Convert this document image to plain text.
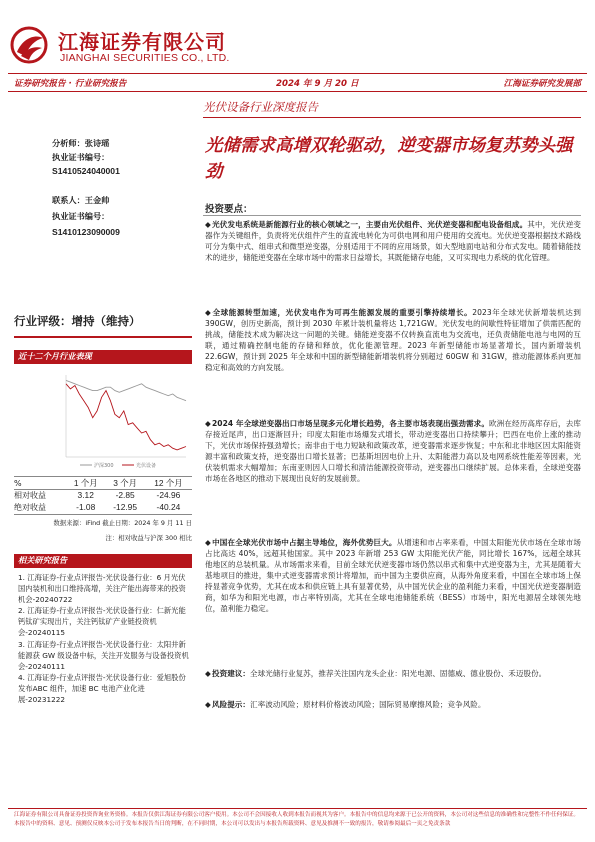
江海证券有限公司
JIANGHAI SECURITIES CO., LTD.
证券研究报告 · 行业研究报告	2024 年 9 月 20 日	江海证券研究发展部
光伏设备行业深度报告
光储需求高增双轮驱动，逆变器市场复苏势头强劲
分析师：张诗瑶
执业证书编号：
S1410524040001
联系人：王金帅
执业证书编号：
S1410123090009
行业评级：增持（维持）
近十二个月行业表现
沪深300	光伏设备
%	1 个月	3 个月	12 个月
相对收益	3.12	-2.85	-24.96
绝对收益	-1.08	-12.95	-40.24
数据来源：iFind 截止日期：2024 年 9 月 11 日
注：相对收益与沪深 300 相比
相关研究报告
1. 江海证券-行业点评报告-光伏设备行业：6 月光伏国内装机和出口维持高增，关注产能出海带来的投资机会-20240722
2. 江海证券-行业点评报告-光伏设备行业：仁新光能钙钛矿实现出片，关注钙钛矿产业链投资机会-20240115
3. 江海证券-行业点评报告-光伏设备行业：太阳井新能源获 GW 级设备中标，关注开发服务与设备投资机会-20240111
4. 江海证券-行业点评报告-光伏设备行业：爱旭股份发布ABC 组件，加速 BC 电池产业化进展-20231222
投资要点：
◆光伏发电系统是新能源行业的核心领域之一，主要由光伏组件、光伏逆变器和配电设备组成。其中，光伏逆变器作为关键组件，负责将光伏组件产生的直流电转化为可供电网和用户使用的交流电。光伏逆变器根据技术路线可分为集中式、组串式和微型逆变器，分别适用于不同的应用场景，如大型地面电站和分布式发电。随着储能技术的进步，储能逆变器在全球市场中的需求日益增长，其既能储存电能，又可实现电力系统的优化管理。
◆全球能源转型加速，光伏发电作为可再生能源发展的重要引擎持续增长。2023年全球光伏新增装机达到 390GW，创历史新高，预计到 2030 年累计装机量将达 1,721GW。光伏发电的间歇性特征增加了供需匹配的挑战，储能技术成为解决这一问题的关键。储能逆变器不仅转换直流电为交流电，还负责储能电池与电网的互联，通过精确控制电能的存储和释放，优化能源管理。2023 年新型储能市场显著增长，国内新增装机 22.6GW，预计到 2025 年全球和中国的新型储能新增装机将分别超过 60GW 和 31GW，推动能源体系向更加稳定和高效的方向发展。
◆2024 年全球逆变器出口市场呈现多元化增长趋势，各主要市场表现出强劲需求。欧洲在经历高库存后，去库存接近尾声，出口逐渐回升；印度太阳能市场爆发式增长，带动逆变器出口持续攀升；巴西在电价上涨的推动下，光伏市场保持强劲增长；南非由于电力短缺和政策改革，逆变器需求逐步恢复；中东和北非地区因太阳能资源丰富和政策支持，逆变器出口增长显著；巴基斯坦因电价上升、太阳能潜力高以及电网系统性能差等因素，光伏装机需求大幅增加；东南亚则因人口增长和清洁能源投资带动，逆变器出口继续扩展。总体来看，全球逆变器市场在各地区的推动下展现出良好的发展前景。
◆中国在全球光伏市场中占据主导地位，海外优势巨大。从增速和市占率来看，中国太阳能光伏市场在全球市场占比高达 40%，远超其他国家。其中 2023 年新增 253 GW 太阳能光伏产能，同比增长 167%，远超全球其他地区的总装机量。从市场需求来看，目前全球光伏逆变器市场仍然以串式和集中式逆变器为主，尤其是随着大基地项目的推进，集中式逆变器需求预计将增加，而中国为主要供应商，从海外角度来看，中国在全球市场上保持显著竞争优势，尤其在成本和供应链上具有显著优势，从中国光伏企业的盈利能力来看，中国光伏逆变器制造商，如华为和阳光电源，市占率特别高，尤其在全球电池储能系统（BESS）市场中，阳光电源居全球领先地位，盈利能力稳定。
◆投资建议：全球光储行业复苏，推荐关注国内龙头企业：阳光电源、固德威、德业股份、禾迈股份。
◆风险提示：汇率波动风险；原材料价格波动风险；国际贸易摩擦风险；竞争风险。
江海证券有限公司具备证券投资咨询业务资格。本报告仅供江海证券有限公司客户使用。本公司不会因接收人收到本报告而视其为客户。本报告中的信息均来源于已公开的资料，本公司对这些信息的准确性和完整性不作任何保证。本报告中的资料、意见、预测仅反映本公司于发布本报告当日的判断，在不同时期，本公司可以发出与本报告所载资料、意见及推测不一致的报告，敬请参阅最后一页之免责条款
